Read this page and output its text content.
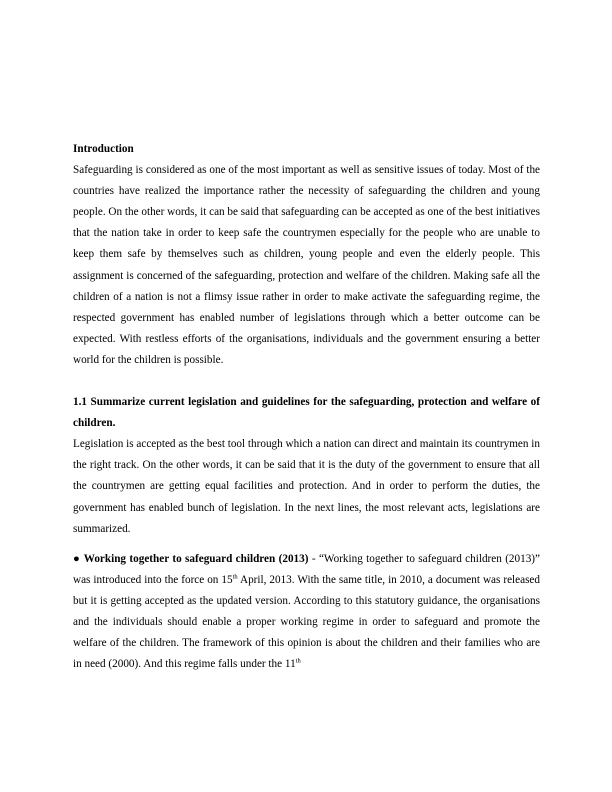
Introduction

Safeguarding is considered as one of the most important as well as sensitive issues of today. Most of the countries have realized the importance rather the necessity of safeguarding the children and young people. On the other words, it can be said that safeguarding can be accepted as one of the best initiatives that the nation take in order to keep safe the countrymen especially for the people who are unable to keep them safe by themselves such as children, young people and even the elderly people. This assignment is concerned of the safeguarding, protection and welfare of the children. Making safe all the children of a nation is not a flimsy issue rather in order to make activate the safeguarding regime, the respected government has enabled number of legislations through which a better outcome can be expected. With restless efforts of the organisations, individuals and the government ensuring a better world for the children is possible.

1.1 Summarize current legislation and guidelines for the safeguarding, protection and welfare of children.

Legislation is accepted as the best tool through which a nation can direct and maintain its countrymen in the right track. On the other words, it can be said that it is the duty of the government to ensure that all the countrymen are getting equal facilities and protection. And in order to perform the duties, the government has enabled bunch of legislation. In the next lines, the most relevant acts, legislations are summarized.

● Working together to safeguard children (2013) - “Working together to safeguard children (2013)” was introduced into the force on 15th April, 2013. With the same title, in 2010, a document was released but it is getting accepted as the updated version. According to this statutory guidance, the organisations and the individuals should enable a proper working regime in order to safeguard and promote the welfare of the children. The framework of this opinion is about the children and their families who are in need (2000). And this regime falls under the 11th
